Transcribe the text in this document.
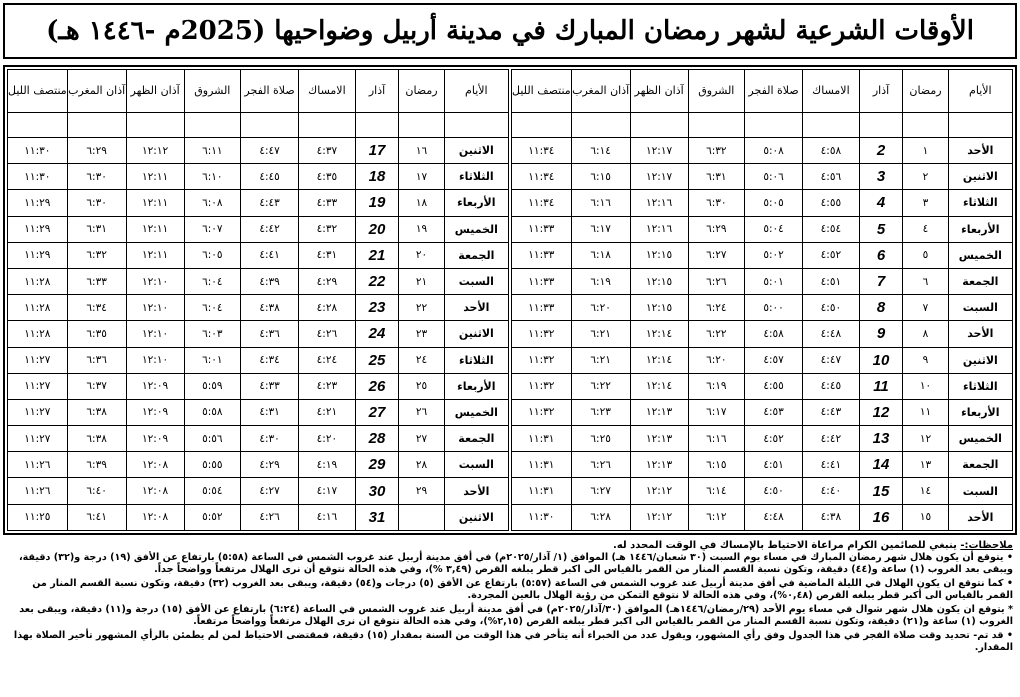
الأوقات الشرعية لشهر رمضان المبارك في مدينة أربيل وضواحيها (2025م -١٤٤٦ هـ)
الأيام	رمضان	آذار	الامساك	صلاة الفجر	الشروق	آذان الظهر	آذان المغرب	منتصف الليل

الأحد	١	2	٤:٥٨	٥:٠٨	٦:٣٢	١٢:١٧	٦:١٤	١١:٣٤
الاثنين	٢	3	٤:٥٦	٥:٠٦	٦:٣١	١٢:١٧	٦:١٥	١١:٣٤
الثلاثاء	٣	4	٤:٥٥	٥:٠٥	٦:٣٠	١٢:١٦	٦:١٦	١١:٣٤
الأربعاء	٤	5	٤:٥٤	٥:٠٤	٦:٢٩	١٢:١٦	٦:١٧	١١:٣٣
الخميس	٥	6	٤:٥٢	٥:٠٢	٦:٢٧	١٢:١٥	٦:١٨	١١:٣٣
الجمعة	٦	7	٤:٥١	٥:٠١	٦:٢٦	١٢:١٥	٦:١٩	١١:٣٣
السبت	٧	8	٤:٥٠	٥:٠٠	٦:٢٤	١٢:١٥	٦:٢٠	١١:٣٣
الأحد	٨	9	٤:٤٨	٤:٥٨	٦:٢٢	١٢:١٤	٦:٢١	١١:٣٢
الاثنين	٩	10	٤:٤٧	٤:٥٧	٦:٢٠	١٢:١٤	٦:٢١	١١:٣٢
الثلاثاء	١٠	11	٤:٤٥	٤:٥٥	٦:١٩	١٢:١٤	٦:٢٢	١١:٣٢
الأربعاء	١١	12	٤:٤٣	٤:٥٣	٦:١٧	١٢:١٣	٦:٢٣	١١:٣٢
الخميس	١٢	13	٤:٤٢	٤:٥٢	٦:١٦	١٢:١٣	٦:٢٥	١١:٣١
الجمعة	١٣	14	٤:٤١	٤:٥١	٦:١٥	١٢:١٣	٦:٢٦	١١:٣١
السبت	١٤	15	٤:٤٠	٤:٥٠	٦:١٤	١٢:١٢	٦:٢٧	١١:٣١
الأحد	١٥	16	٤:٣٨	٤:٤٨	٦:١٢	١٢:١٢	٦:٢٨	١١:٣٠
الأيام	رمضان	آذار	الامساك	صلاة الفجر	الشروق	آذان الظهر	آذان المغرب	منتصف الليل

الاثنين	١٦	17	٤:٣٧	٤:٤٧	٦:١١	١٢:١٢	٦:٢٩	١١:٣٠
الثلاثاء	١٧	18	٤:٣٥	٤:٤٥	٦:١٠	١٢:١١	٦:٣٠	١١:٣٠
الأربعاء	١٨	19	٤:٣٣	٤:٤٣	٦:٠٨	١٢:١١	٦:٣٠	١١:٢٩
الخميس	١٩	20	٤:٣٢	٤:٤٢	٦:٠٧	١٢:١١	٦:٣١	١١:٢٩
الجمعة	٢٠	21	٤:٣١	٤:٤١	٦:٠٥	١٢:١١	٦:٣٢	١١:٢٩
السبت	٢١	22	٤:٢٩	٤:٣٩	٦:٠٤	١٢:١٠	٦:٣٣	١١:٢٨
الأحد	٢٢	23	٤:٢٨	٤:٣٨	٦:٠٤	١٢:١٠	٦:٣٤	١١:٢٨
الاثنين	٢٣	24	٤:٢٦	٤:٣٦	٦:٠٣	١٢:١٠	٦:٣٥	١١:٢٨
الثلاثاء	٢٤	25	٤:٢٤	٤:٣٤	٦:٠١	١٢:١٠	٦:٣٦	١١:٢٧
الأربعاء	٢٥	26	٤:٢٣	٤:٣٣	٥:٥٩	١٢:٠٩	٦:٣٧	١١:٢٧
الخميس	٢٦	27	٤:٢١	٤:٣١	٥:٥٨	١٢:٠٩	٦:٣٨	١١:٢٧
الجمعة	٢٧	28	٤:٢٠	٤:٣٠	٥:٥٦	١٢:٠٩	٦:٣٨	١١:٢٧
السبت	٢٨	29	٤:١٩	٤:٢٩	٥:٥٥	١٢:٠٨	٦:٣٩	١١:٢٦
الأحد	٢٩	30	٤:١٧	٤:٢٧	٥:٥٤	١٢:٠٨	٦:٤٠	١١:٢٦
الاثنين		31	٤:١٦	٤:٢٦	٥:٥٢	١٢:٠٨	٦:٤١	١١:٢٥
ملاحظات:- ينبغي للصائمين الكرام مراعاة الاحتياط بالإمساك في الوقت المحدد له.

• يتوقع أن يكون هلال شهر رمضان المبارك في مساء يوم السبت (٣٠ شعبان/١٤٤٦ هـ) الموافق (١/ آذار/٢٠٢٥م) في أفق مدينة أربيل عند غروب الشمس في الساعة (٥:٥٨) بارتفاع عن الأفق (١٩) درجة و(٣٢) دقيقة، ويبقى بعد الغروب (١) ساعة و(٤٤) دقيقة، وتكون نسبة القسم المنار من القمر بالقياس الى اكبر قطر يبلغه القرص (٣,٤٩ %)، وفي هذه الحالة نتوقع أن نرى الهلال مرتفعاً وواضحاً جداً.

• كما نتوقع ان يكون الهلال في الليلة الماضية في أفق مدينة أربيل عند غروب الشمس في الساعة (٥:٥٧) بارتفاع عن الأفق (٥) درجات و(٥٤) دقيقة، ويبقى بعد الغروب (٣٢) دقيقة، وتكون نسبة القسم المنار من القمر بالقياس الى أكبر قطر يبلغه القرص (٠,٤٨%)، وفي هذه الحالة لا نتوقع التمكن من رؤية الهلال بالعين المجردة.

* يتوقع ان يكون هلال شهر شوال في مساء يوم الأحد (٢٩/رمضان/١٤٤٦هـ) الموافق (٣٠/آذار/٢٠٢٥م) في أفق مدينة أربيل عند غروب الشمس في الساعة (٦:٢٤) بارتفاع عن الأفق (١٥) درجة و(١١) دقيقة، ويبقى بعد الغروب (١) ساعة و(٢١) دقيقة، وتكون نسبة القسم المنار من القمر بالقياس الى اكبر قطر يبلغه القرص (٢,١٥%)، وفي هذه الحالة نتوقع ان نرى الهلال مرتفعاً وواضحاً مرتفعاً.

• قد تم- تحديد وقت صلاة الفجر في هذا الجدول وفق رأي المشهور، ويقول عدد من الخبراء أنه يتأخر في هذا الوقت من السنة بمقدار (١٥) دقيقة، فمقتضى الاحتياط لمن لم يطمئن بالرأي المشهور تأخير الصلاة بهذا المقدار.
